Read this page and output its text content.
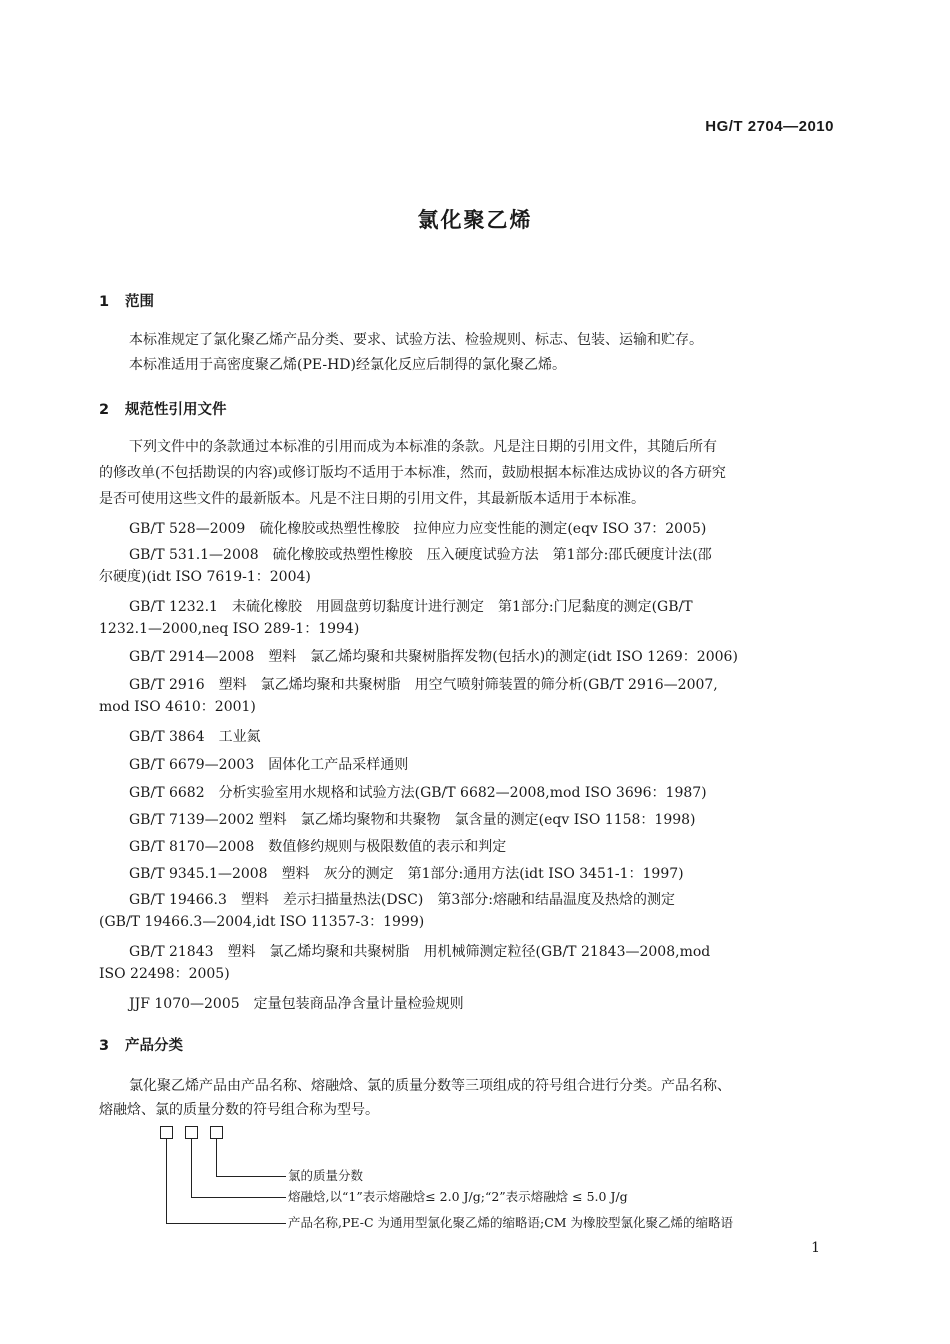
HG/T 2704—2010
氯化聚乙烯
1 范围
本标准规定了氯化聚乙烯产品分类、要求、试验方法、检验规则、标志、包装、运输和贮存。
本标准适用于高密度聚乙烯(PE-HD)经氯化反应后制得的氯化聚乙烯。
2 规范性引用文件
下列文件中的条款通过本标准的引用而成为本标准的条款。凡是注日期的引用文件，其随后所有
的修改单(不包括勘误的内容)或修订版均不适用于本标准，然而，鼓励根据本标准达成协议的各方研究
是否可使用这些文件的最新版本。凡是不注日期的引用文件，其最新版本适用于本标准。
GB/T 528—2009　硫化橡胶或热塑性橡胶　拉伸应力应变性能的测定(eqv ISO 37：2005)
GB/T 531.1—2008　硫化橡胶或热塑性橡胶　压入硬度试验方法　第1部分:邵氏硬度计法(邵
尔硬度)(idt ISO 7619-1：2004)
GB/T 1232.1　未硫化橡胶　用圆盘剪切黏度计进行测定　第1部分:门尼黏度的测定(GB/T
1232.1—2000,neq ISO 289-1：1994)
GB/T 2914—2008　塑料　氯乙烯均聚和共聚树脂挥发物(包括水)的测定(idt ISO 1269：2006)
GB/T 2916　塑料　氯乙烯均聚和共聚树脂　用空气喷射筛装置的筛分析(GB/T 2916—2007,
mod ISO 4610：2001)
GB/T 3864　工业氮
GB/T 6679—2003　固体化工产品采样通则
GB/T 6682　分析实验室用水规格和试验方法(GB/T 6682—2008,mod ISO 3696：1987)
GB/T 7139—2002 塑料　氯乙烯均聚物和共聚物　氯含量的测定(eqv ISO 1158：1998)
GB/T 8170—2008　数值修约规则与极限数值的表示和判定
GB/T 9345.1—2008　塑料　灰分的测定　第1部分:通用方法(idt ISO 3451-1：1997)
GB/T 19466.3　塑料　差示扫描量热法(DSC)　第3部分:熔融和结晶温度及热焓的测定
(GB/T 19466.3—2004,idt ISO 11357-3：1999)
GB/T 21843　塑料　氯乙烯均聚和共聚树脂　用机械筛测定粒径(GB/T 21843—2008,mod
ISO 22498：2005)
JJF 1070—2005　定量包装商品净含量计量检验规则
3 产品分类
氯化聚乙烯产品由产品名称、熔融焓、氯的质量分数等三项组成的符号组合进行分类。产品名称、
熔融焓、氯的质量分数的符号组合称为型号。
氯的质量分数
熔融焓,以“1”表示熔融焓≤ 2.0 J/g;“2”表示熔融焓 ≤ 5.0 J/g
产品名称,PE-C 为通用型氯化聚乙烯的缩略语;CM 为橡胶型氯化聚乙烯的缩略语
1
